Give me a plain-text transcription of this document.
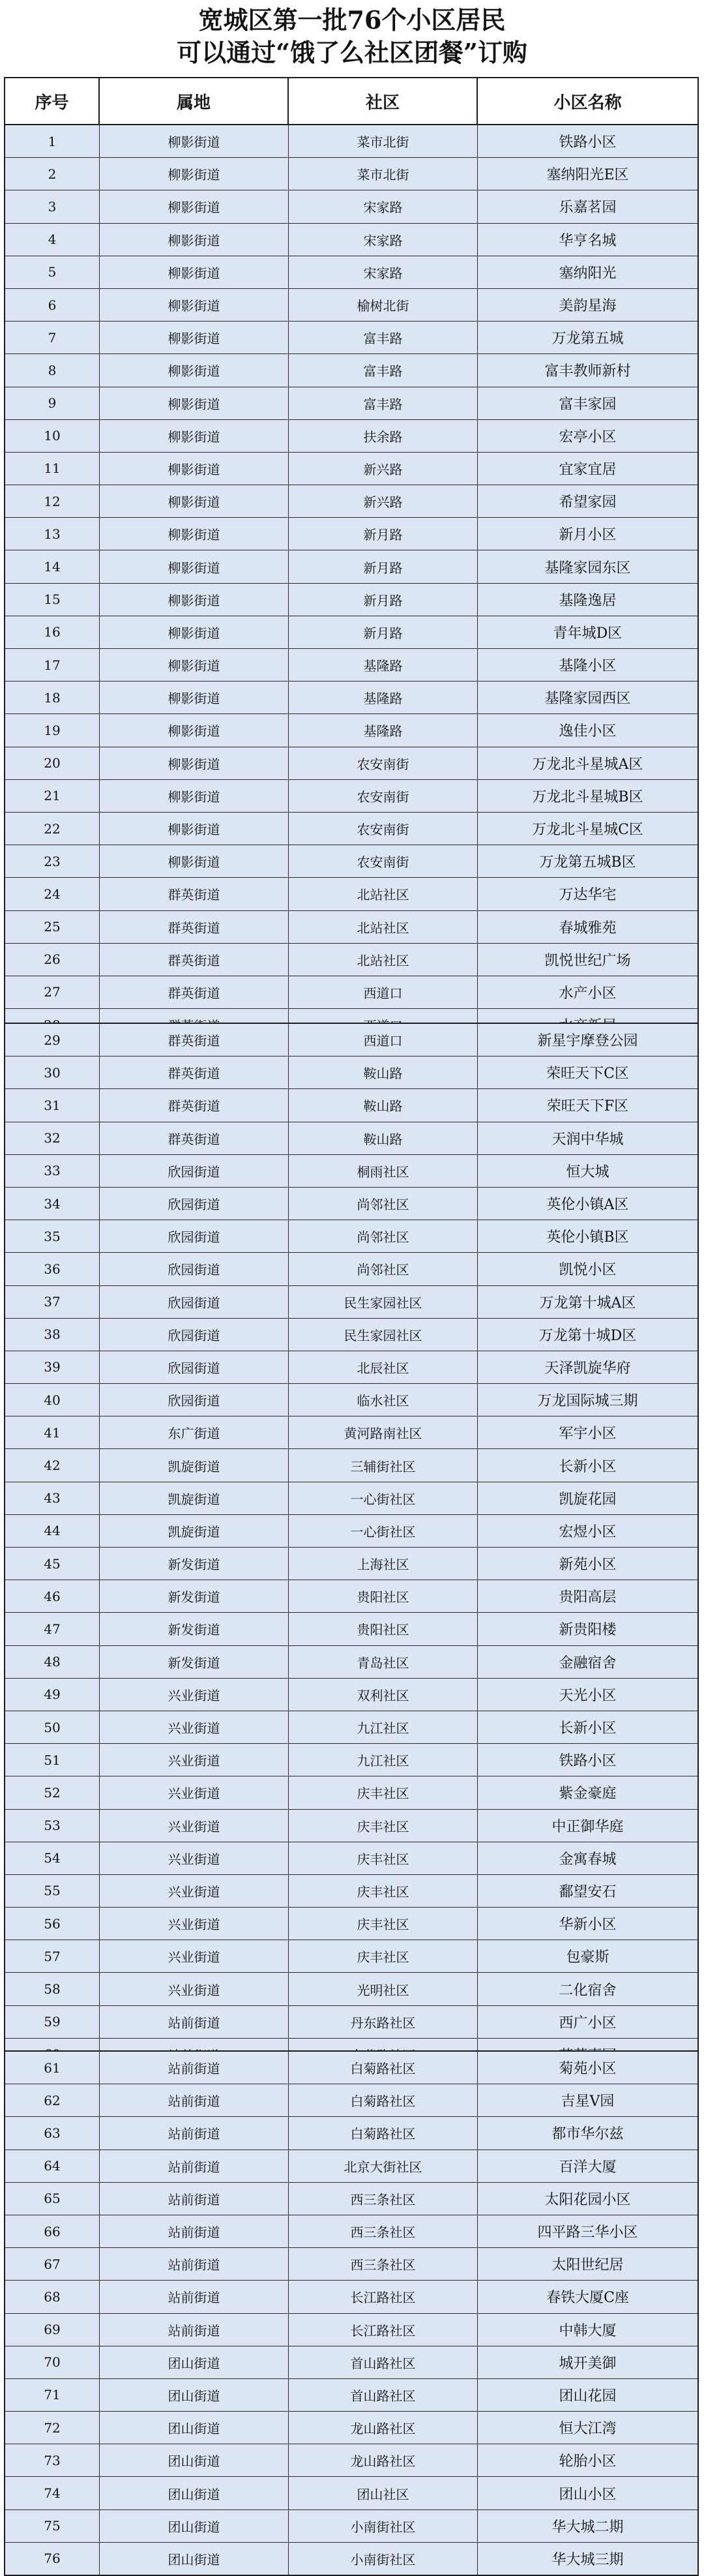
宽城区第一批76个小区居民
可以通过“饿了么社区团餐”订购
序号	属地	社区	小区名称
1	柳影街道	菜市北街	铁路小区
2	柳影街道	菜市北街	塞纳阳光E区
3	柳影街道	宋家路	乐嘉茗园
4	柳影街道	宋家路	华亨名城
5	柳影街道	宋家路	塞纳阳光
6	柳影街道	榆树北街	美韵星海
7	柳影街道	富丰路	万龙第五城
8	柳影街道	富丰路	富丰教师新村
9	柳影街道	富丰路	富丰家园
10	柳影街道	扶余路	宏亭小区
11	柳影街道	新兴路	宜家宜居
12	柳影街道	新兴路	希望家园
13	柳影街道	新月路	新月小区
14	柳影街道	新月路	基隆家园东区
15	柳影街道	新月路	基隆逸居
16	柳影街道	新月路	青年城D区
17	柳影街道	基隆路	基隆小区
18	柳影街道	基隆路	基隆家园西区
19	柳影街道	基隆路	逸佳小区
20	柳影街道	农安南街	万龙北斗星城A区
21	柳影街道	农安南街	万龙北斗星城B区
22	柳影街道	农安南街	万龙北斗星城C区
23	柳影街道	农安南街	万龙第五城B区
24	群英街道	北站社区	万达华宅
25	群英街道	北站社区	春城雅苑
26	群英街道	北站社区	凯悦世纪广场
27	群英街道	西道口	水产小区
29	群英街道	西道口	新星宇摩登公园
30	群英街道	鞍山路	荣旺天下C区
31	群英街道	鞍山路	荣旺天下F区
32	群英街道	鞍山路	天润中华城
33	欣园街道	桐雨社区	恒大城
34	欣园街道	尚邻社区	英伦小镇A区
35	欣园街道	尚邻社区	英伦小镇B区
36	欣园街道	尚邻社区	凯悦小区
37	欣园街道	民生家园社区	万龙第十城A区
38	欣园街道	民生家园社区	万龙第十城D区
39	欣园街道	北辰社区	天泽凯旋华府
40	欣园街道	临水社区	万龙国际城三期
41	东广街道	黄河路南社区	军宇小区
42	凯旋街道	三辅街社区	长新小区
43	凯旋街道	一心街社区	凯旋花园
44	凯旋街道	一心街社区	宏煜小区
45	新发街道	上海社区	新苑小区
46	新发街道	贵阳社区	贵阳高层
47	新发街道	贵阳社区	新贵阳楼
48	新发街道	青岛社区	金融宿舍
49	兴业街道	双利社区	天光小区
50	兴业街道	九江社区	长新小区
51	兴业街道	九江社区	铁路小区
52	兴业街道	庆丰社区	紫金豪庭
53	兴业街道	庆丰社区	中正御华庭
54	兴业街道	庆丰社区	金寓春城
55	兴业街道	庆丰社区	鄱望安石
56	兴业街道	庆丰社区	华新小区
57	兴业街道	庆丰社区	包豪斯
58	兴业街道	光明社区	二化宿舍
59	站前街道	丹东路社区	西广小区
61	站前街道	白菊路社区	菊苑小区
62	站前街道	白菊路社区	吉星V园
63	站前街道	白菊路社区	都市华尔兹
64	站前街道	北京大街社区	百洋大厦
65	站前街道	西三条社区	太阳花园小区
66	站前街道	西三条社区	四平路三华小区
67	站前街道	西三条社区	太阳世纪居
68	站前街道	长江路社区	春铁大厦C座
69	站前街道	长江路社区	中韩大厦
70	团山街道	首山路社区	城开美御
71	团山街道	首山路社区	团山花园
72	团山街道	龙山路社区	恒大江湾
73	团山街道	龙山路社区	轮胎小区
74	团山街道	团山社区	团山小区
75	团山街道	小南街社区	华大城二期
76	团山街道	小南街社区	华大城三期
